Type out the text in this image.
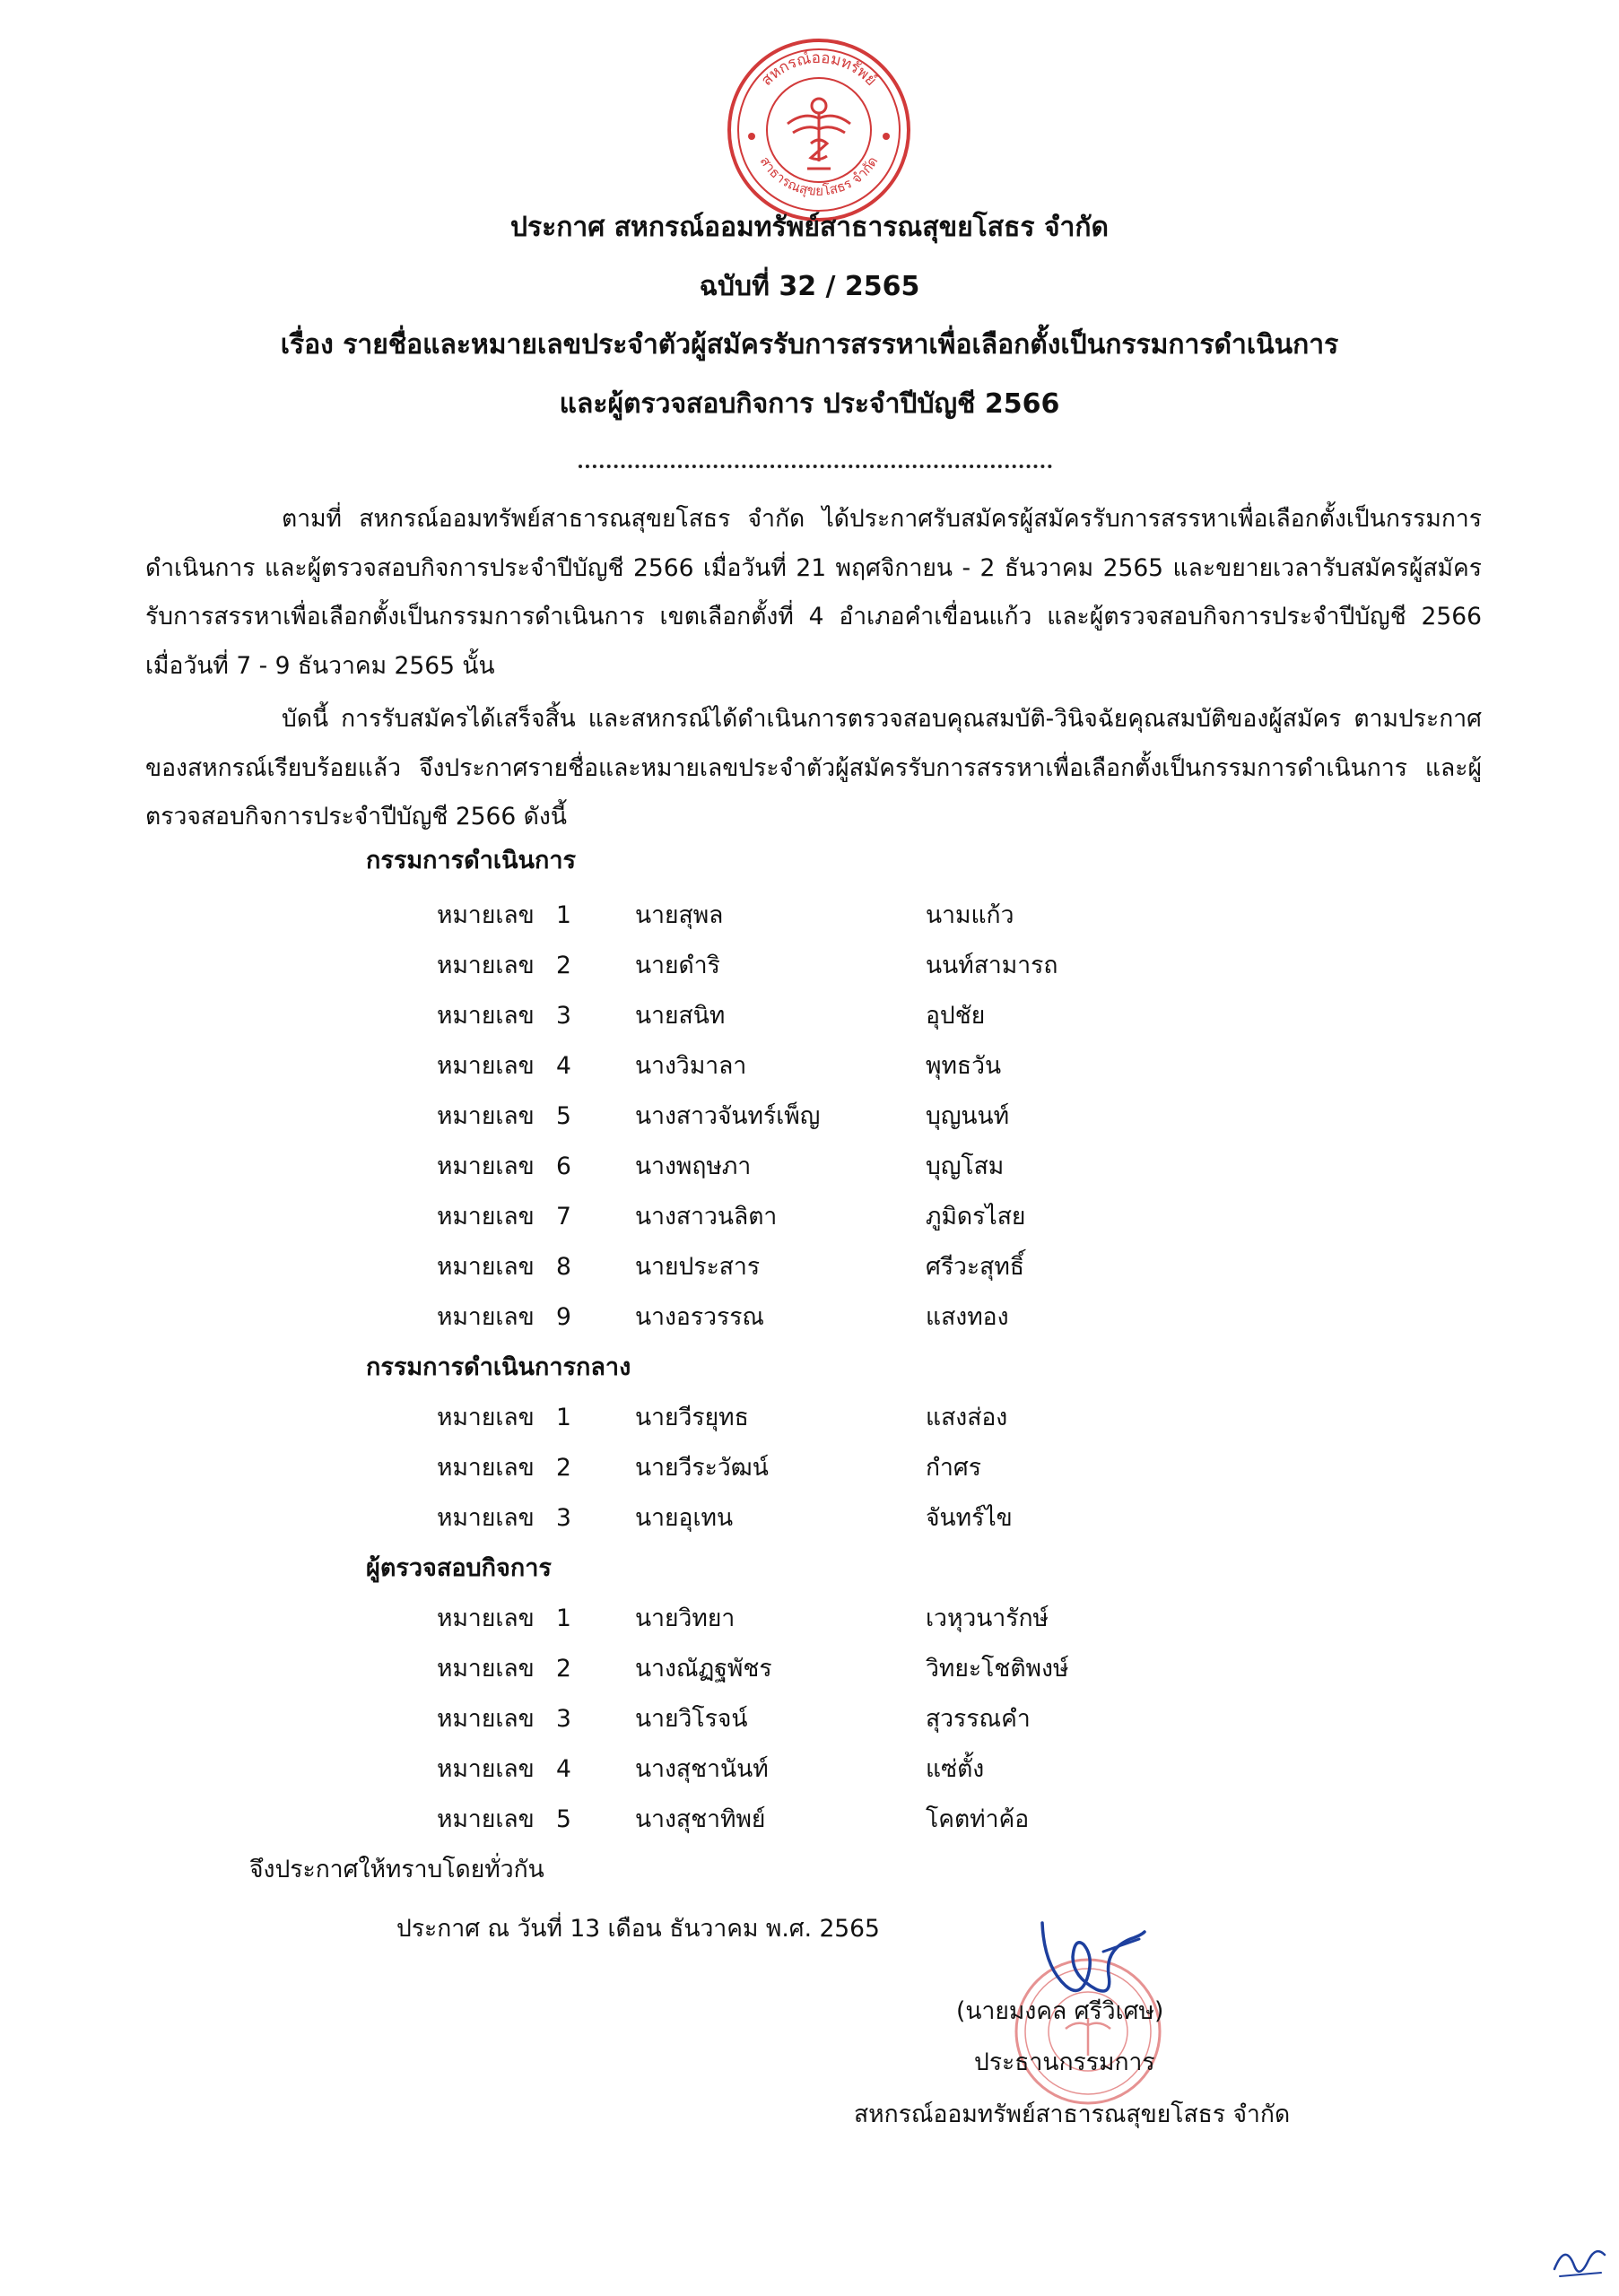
สหกรณ์ออมทรัพย์
สาธารณสุขยโสธร จำกัด
ประกาศ สหกรณ์ออมทรัพย์สาธารณสุขยโสธร จำกัด
ฉบับที่ 32 / 2565
เรื่อง รายชื่อและหมายเลขประจำตัวผู้สมัครรับการสรรหาเพื่อเลือกตั้งเป็นกรรมการดำเนินการ
และผู้ตรวจสอบกิจการ ประจำปีบัญชี 2566
ตามที่ สหกรณ์ออมทรัพย์สาธารณสุขยโสธร จำกัด ได้ประกาศรับสมัครผู้สมัครรับการสรรหาเพื่อเลือกตั้งเป็นกรรมการดำเนินการ และผู้ตรวจสอบกิจการประจำปีบัญชี 2566 เมื่อวันที่ 21 พฤศจิกายน - 2 ธันวาคม 2565 และขยายเวลารับสมัครผู้สมัครรับการสรรหาเพื่อเลือกตั้งเป็นกรรมการดำเนินการ เขตเลือกตั้งที่ 4 อำเภอคำเขื่อนแก้ว และผู้ตรวจสอบกิจการประจำปีบัญชี 2566 เมื่อวันที่ 7 - 9 ธันวาคม 2565 นั้น
บัดนี้ การรับสมัครได้เสร็จสิ้น และสหกรณ์ได้ดำเนินการตรวจสอบคุณสมบัติ-วินิจฉัยคุณสมบัติของผู้สมัคร ตามประกาศของสหกรณ์เรียบร้อยแล้ว จึงประกาศรายชื่อและหมายเลขประจำตัวผู้สมัครรับการสรรหาเพื่อเลือกตั้งเป็นกรรมการดำเนินการ และผู้ตรวจสอบกิจการประจำปีบัญชี 2566 ดังนี้
กรรมการดำเนินการ
หมายเลข 1	นายสุพล	นามแก้ว
หมายเลข 2	นายดำริ	นนท์สามารถ
หมายเลข 3	นายสนิท	อุปชัย
หมายเลข 4	นางวิมาลา	พุทธวัน
หมายเลข 5	นางสาวจันทร์เพ็ญ	บุญนนท์
หมายเลข 6	นางพฤษภา	บุญโสม
หมายเลข 7	นางสาวนลิตา	ภูมิดรไสย
หมายเลข 8	นายประสาร	ศรีวะสุทธิ์
หมายเลข 9	นางอรวรรณ	แสงทอง
กรรมการดำเนินการกลาง
หมายเลข 1	นายวีรยุทธ	แสงส่อง
หมายเลข 2	นายวีระวัฒน์	กำศร
หมายเลข 3	นายอุเทน	จันทร์ไข
ผู้ตรวจสอบกิจการ
หมายเลข 1	นายวิทยา	เวหุวนารักษ์
หมายเลข 2	นางณัฏฐพัชร	วิทยะโชติพงษ์
หมายเลข 3	นายวิโรจน์	สุวรรณคำ
หมายเลข 4	นางสุชานันท์	แซ่ตั้ง
หมายเลข 5	นางสุชาทิพย์	โคตท่าค้อ
จึงประกาศให้ทราบโดยทั่วกัน
ประกาศ ณ วันที่ 13 เดือน ธันวาคม พ.ศ. 2565
(นายมงคล ศรีวิเศษ)
ประธานกรรมการ
สหกรณ์ออมทรัพย์สาธารณสุขยโสธร จำกัด
